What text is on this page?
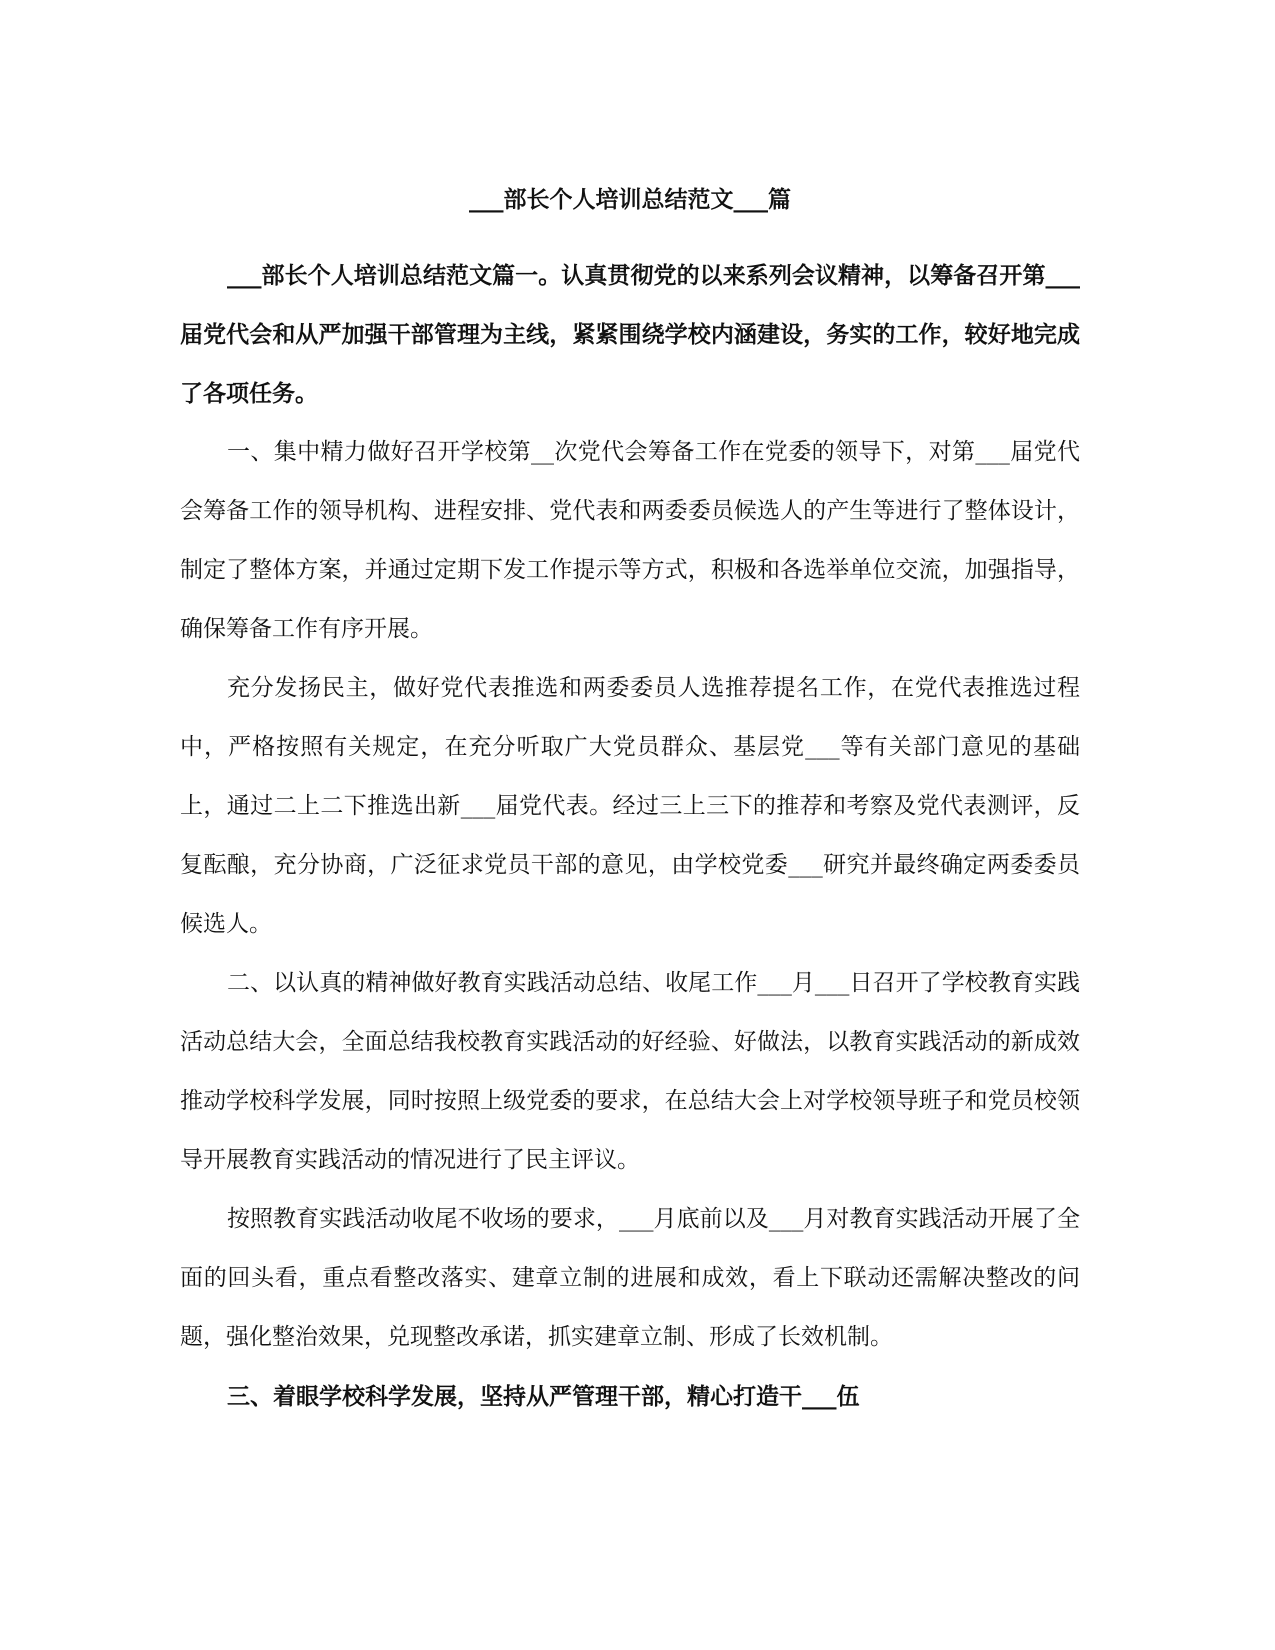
___部长个人培训总结范文___篇

___部长个人培训总结范文篇一。认真贯彻党的以来系列会议精神，以筹备召开第___届党代会和从严加强干部管理为主线，紧紧围绕学校内涵建设，务实的工作，较好地完成了各项任务。

一、集中精力做好召开学校第__次党代会筹备工作在党委的领导下，对第___届党代会筹备工作的领导机构、进程安排、党代表和两委委员候选人的产生等进行了整体设计，制定了整体方案，并通过定期下发工作提示等方式，积极和各选举单位交流，加强指导，确保筹备工作有序开展。

充分发扬民主，做好党代表推选和两委委员人选推荐提名工作，在党代表推选过程中，严格按照有关规定，在充分听取广大党员群众、基层党___等有关部门意见的基础上，通过二上二下推选出新___届党代表。经过三上三下的推荐和考察及党代表测评，反复酝酿，充分协商，广泛征求党员干部的意见，由学校党委___研究并最终确定两委委员候选人。

二、以认真的精神做好教育实践活动总结、收尾工作___月___日召开了学校教育实践活动总结大会，全面总结我校教育实践活动的好经验、好做法，以教育实践活动的新成效推动学校科学发展，同时按照上级党委的要求，在总结大会上对学校领导班子和党员校领导开展教育实践活动的情况进行了民主评议。

按照教育实践活动收尾不收场的要求，___月底前以及___月对教育实践活动开展了全面的回头看，重点看整改落实、建章立制的进展和成效，看上下联动还需解决整改的问题，强化整治效果，兑现整改承诺，抓实建章立制、形成了长效机制。

三、着眼学校科学发展，坚持从严管理干部，精心打造干___伍
